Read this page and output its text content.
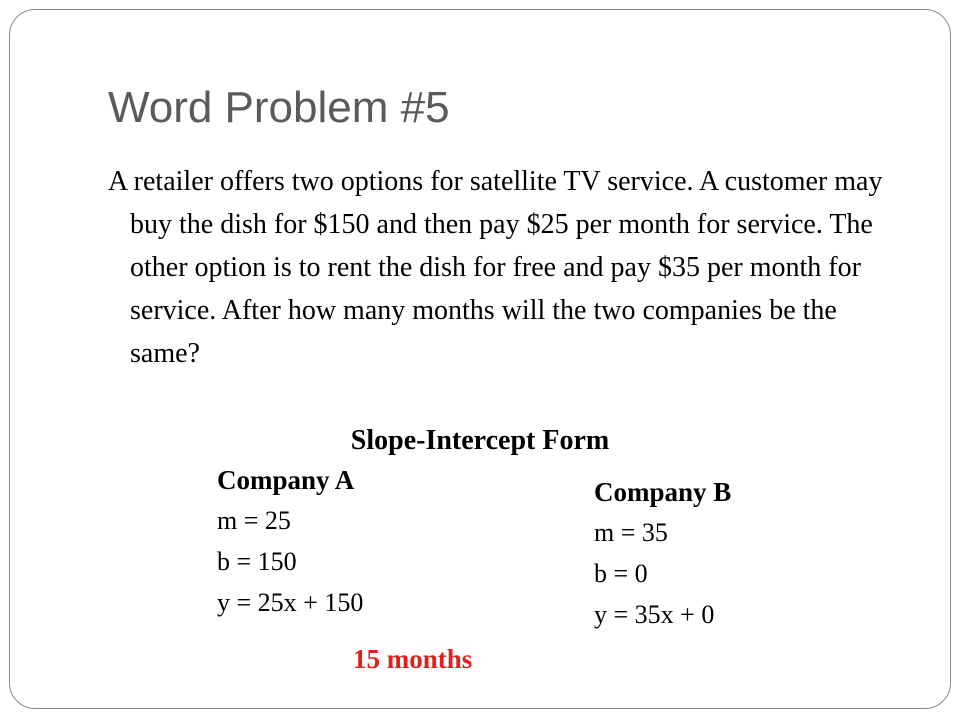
Word Problem #5

A retailer offers two options for satellite TV service. A customer may buy the dish for $150 and then pay $25 per month for service. The other option is to rent the dish for free and pay $35 per month for service. After how many months will the two companies be the same?

Slope-Intercept Form
Company A
m = 25
b = 150
y = 25x + 150
Company B
m = 35
b = 0
y = 35x + 0
15 months
